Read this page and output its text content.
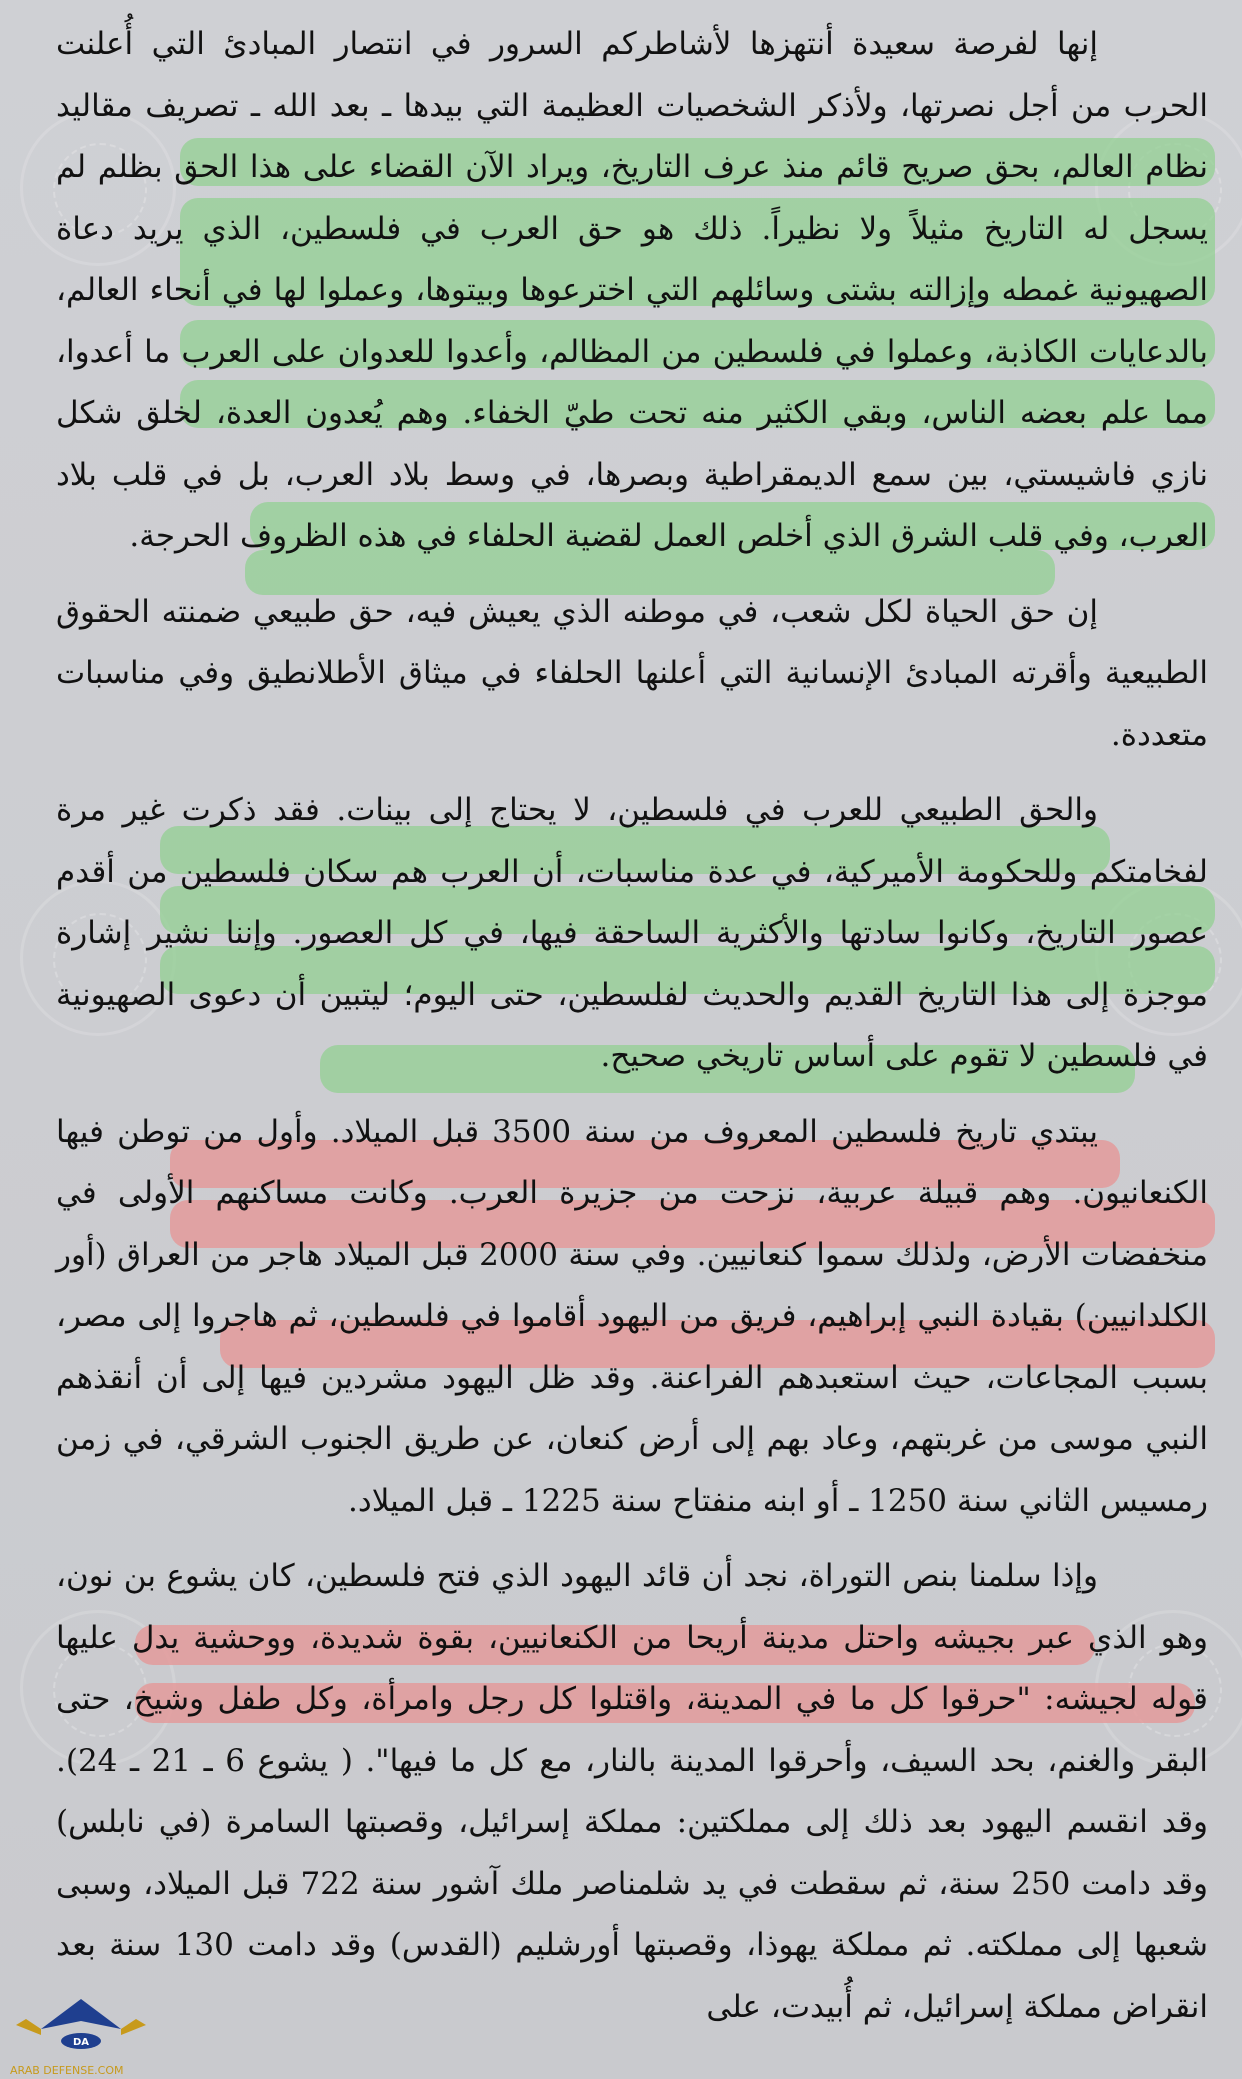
إنها لفرصة سعيدة أنتهزها لأشاطركم السرور في انتصار المبادئ التي أُعلنت الحرب من أجل نصرتها، ولأذكر الشخصيات العظيمة التي بيدها ـ بعد الله ـ تصريف مقاليد نظام العالم، بحق صريح قائم منذ عرف التاريخ، ويراد الآن القضاء على هذا الحق بظلم لم يسجل له التاريخ مثيلاً ولا نظيراً. ذلك هو حق العرب في فلسطين، الذي يريد دعاة الصهيونية غمطه وإزالته بشتى وسائلهم التي اخترعوها وبيتوها، وعملوا لها في أنحاء العالم، بالدعايات الكاذبة، وعملوا في فلسطين من المظالم، وأعدوا للعدوان على العرب ما أعدوا، مما علم بعضه الناس، وبقي الكثير منه تحت طيّ الخفاء. وهم يُعدون العدة، لخلق شكل نازي فاشيستي، بين سمع الديمقراطية وبصرها، في وسط بلاد العرب، بل في قلب بلاد العرب، وفي قلب الشرق الذي أخلص العمل لقضية الحلفاء في هذه الظروف الحرجة.

إن حق الحياة لكل شعب، في موطنه الذي يعيش فيه، حق طبيعي ضمنته الحقوق الطبيعية وأقرته المبادئ الإنسانية التي أعلنها الحلفاء في ميثاق الأطلانطيق وفي مناسبات متعددة.

والحق الطبيعي للعرب في فلسطين، لا يحتاج إلى بينات. فقد ذكرت غير مرة لفخامتكم وللحكومة الأميركية، في عدة مناسبات، أن العرب هم سكان فلسطين من أقدم عصور التاريخ، وكانوا سادتها والأكثرية الساحقة فيها، في كل العصور. وإننا نشير إشارة موجزة إلى هذا التاريخ القديم والحديث لفلسطين، حتى اليوم؛ ليتبين أن دعوى الصهيونية في فلسطين لا تقوم على أساس تاريخي صحيح.

يبتدي تاريخ فلسطين المعروف من سنة 3500 قبل الميلاد. وأول من توطن فيها الكنعانيون. وهم قبيلة عربية، نزحت من جزيرة العرب. وكانت مساكنهم الأولى في منخفضات الأرض، ولذلك سموا كنعانيين. وفي سنة 2000 قبل الميلاد هاجر من العراق (أور الكلدانيين) بقيادة النبي إبراهيم، فريق من اليهود أقاموا في فلسطين، ثم هاجروا إلى مصر، بسبب المجاعات، حيث استعبدهم الفراعنة. وقد ظل اليهود مشردين فيها إلى أن أنقذهم النبي موسى من غربتهم، وعاد بهم إلى أرض كنعان، عن طريق الجنوب الشرقي، في زمن رمسيس الثاني سنة 1250 ـ أو ابنه منفتاح سنة 1225 ـ قبل الميلاد.

وإذا سلمنا بنص التوراة، نجد أن قائد اليهود الذي فتح فلسطين، كان يشوع بن نون، وهو الذي عبر بجيشه واحتل مدينة أريحا من الكنعانيين، بقوة شديدة، ووحشية يدل عليها قوله لجيشه: "حرقوا كل ما في المدينة، واقتلوا كل رجل وامرأة، وكل طفل وشيخ، حتى البقر والغنم، بحد السيف، وأحرقوا المدينة بالنار، مع كل ما فيها". ( يشوع 6 ـ 21 ـ 24). وقد انقسم اليهود بعد ذلك إلى مملكتين: مملكة إسرائيل، وقصبتها السامرة (في نابلس) وقد دامت 250 سنة، ثم سقطت في يد شلمناصر ملك آشور سنة 722 قبل الميلاد، وسبى شعبها إلى مملكته. ثم مملكة يهوذا، وقصبتها أورشليم (القدس) وقد دامت 130 سنة بعد انقراض مملكة إسرائيل، ثم أُبيدت، على

DA
ARAB DEFENSE.COM
